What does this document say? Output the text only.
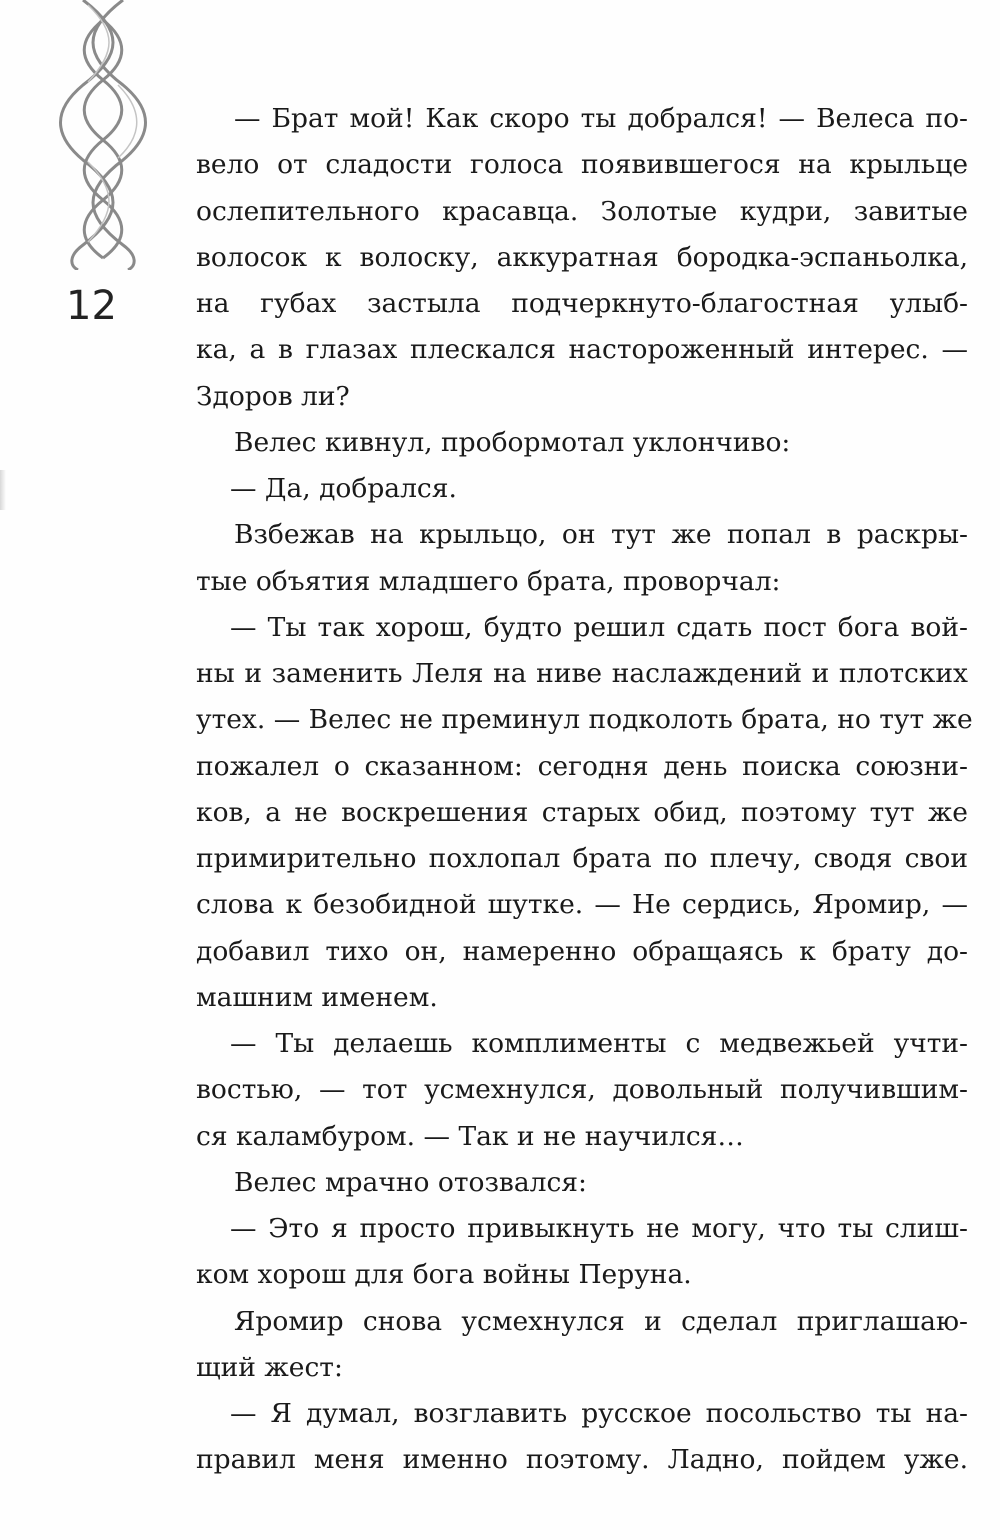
12
— Брат мой! Как скоро ты добрался! — Велеса по-
вело от сладости голоса появившегося на крыльце
ослепительного красавца. Золотые кудри, завитые
волосок к волоску, аккуратная бородка-эспаньолка,
на губах застыла подчеркнуто-благостная улыб-
ка, а в глазах плескался настороженный интерес. —
Здоров ли?
Велес кивнул, пробормотал уклончиво:
— Да, добрался.
Взбежав на крыльцо, он тут же попал в раскры-
тые объятия младшего брата, проворчал:
— Ты так хорош, будто решил сдать пост бога вой-
ны и заменить Леля на ниве наслаждений и плотских
утех. — Велес не преминул подколоть брата, но тут же
пожалел о сказанном: сегодня день поиска союзни-
ков, а не воскрешения старых обид, поэтому тут же
примирительно похлопал брата по плечу, сводя свои
слова к безобидной шутке. — Не сердись, Яромир, —
добавил тихо он, намеренно обращаясь к брату до-
машним именем.
— Ты делаешь комплименты с медвежьей учти-
востью, — тот усмехнулся, довольный получившим-
ся каламбуром. — Так и не научился…
Велес мрачно отозвался:
— Это я просто привыкнуть не могу, что ты слиш-
ком хорош для бога войны Перуна.
Яромир снова усмехнулся и сделал приглашаю-
щий жест:
— Я думал, возглавить русское посольство ты на-
правил меня именно поэтому. Ладно, пойдем уже.
